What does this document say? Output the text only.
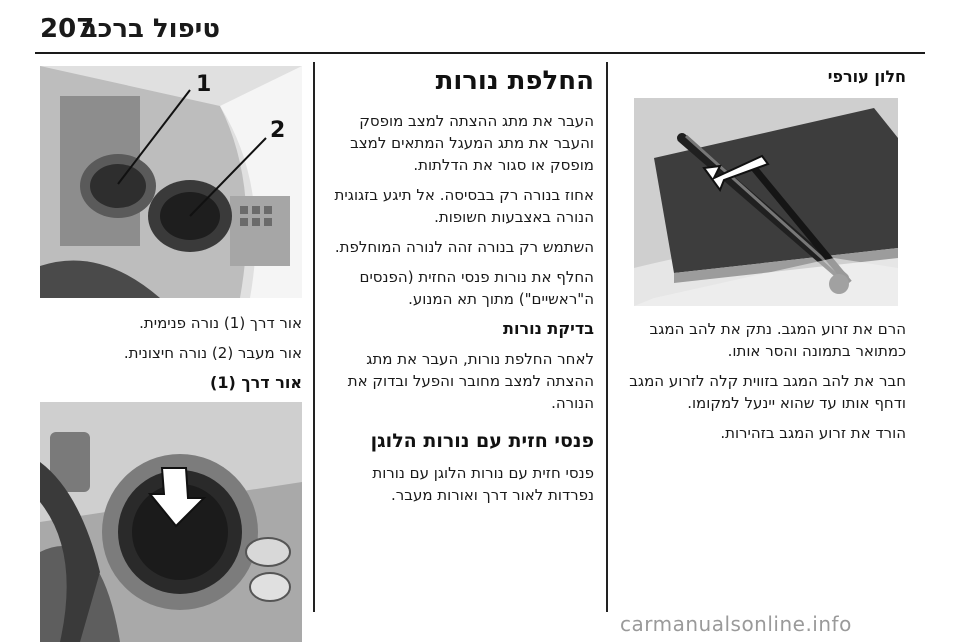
207
טיפול ברכב
חלון עורפי

הרם את זרוע המגב. נתק את להב המגב כמתואר בתמונה והסר אותו.

חבר את להב המגב בזווית קלה לזרוע המגב ודחף אותו עד שהוא יינעל למקומו.

הורד את זרוע המגב בזהירות.

החלפת נורות

העבר את מתג ההצתה למצב מופסק והעבר את מתג המעגל המתאים למצב מופסק או סגור את הדלתות.

אחוז בנורה רק בבסיסה. אל תיגע בזגוגית הנורה באצבעות חשופות.

השתמש רק בנורה זהה לנורה המוחלפת.

החלף את נורות פנסי החזית (הפנסים ה"ראשיים") מתוך תא המנוע.

בדיקת נורות

לאחר החלפת נורות, העבר את מתג ההצתה למצב מחובר והפעל ובדוק את הנורה.

פנסי חזית עם נורות הלוגן

פנסי חזית עם נורות הלוגן עם נורות נפרדות לאור דרך ואורות מעבר.

1
2

אור דרך (1) נורה פנימית.

אור מעבר (2) נורה חיצונית.

אור דרך (1)
carmanualsonline.info
